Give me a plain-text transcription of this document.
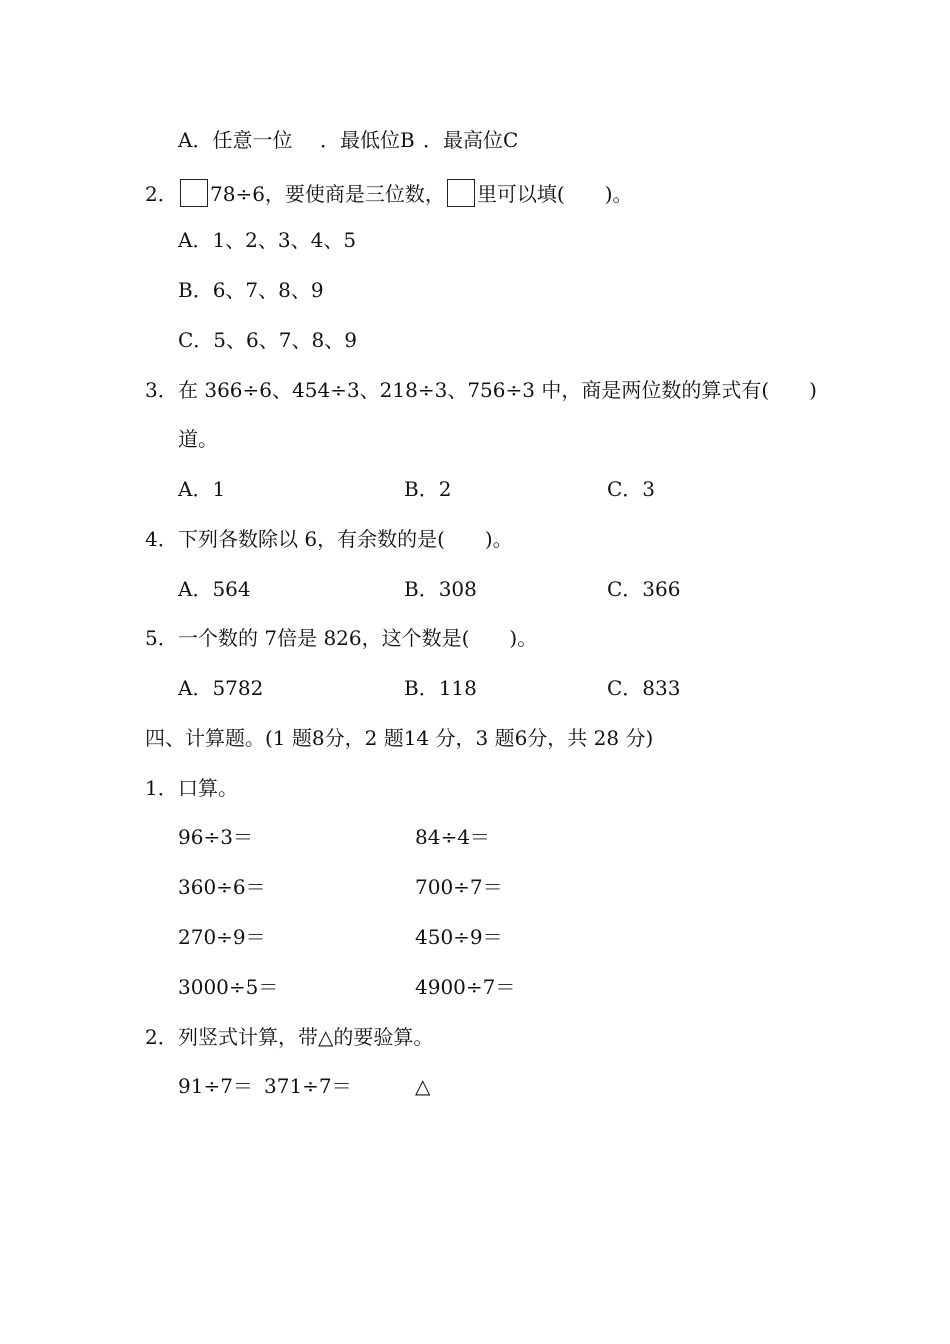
A．任意一位 ．最低位B ．最高位C
2．	78÷6，要使商是三位数， 里可以填(　　)。
A．1、2、3、4、5
B．6、7、8、9
C．5、6、7、8、9
3． 在 366÷6、454÷3、218÷3、756÷3 中，商是两位数的算式有(　　)
道。
A．1	B．2	C．3
4． 下列各数除以 6，有余数的是(　　)。
A．564	B．308	C．366
5． 一个数的 7倍是 826，这个数是(　　)。
A．5782	B．118	C．833
四、计算题。(1 题8分，2 题14 分，3 题6分，共 28 分)
1． 口算。
96÷3＝	84÷4＝
360÷6＝	700÷7＝
270÷9＝	450÷9＝
3000÷5＝	4900÷7＝
2． 列竖式计算，带△的要验算。
91÷7＝ 371÷7＝	△
